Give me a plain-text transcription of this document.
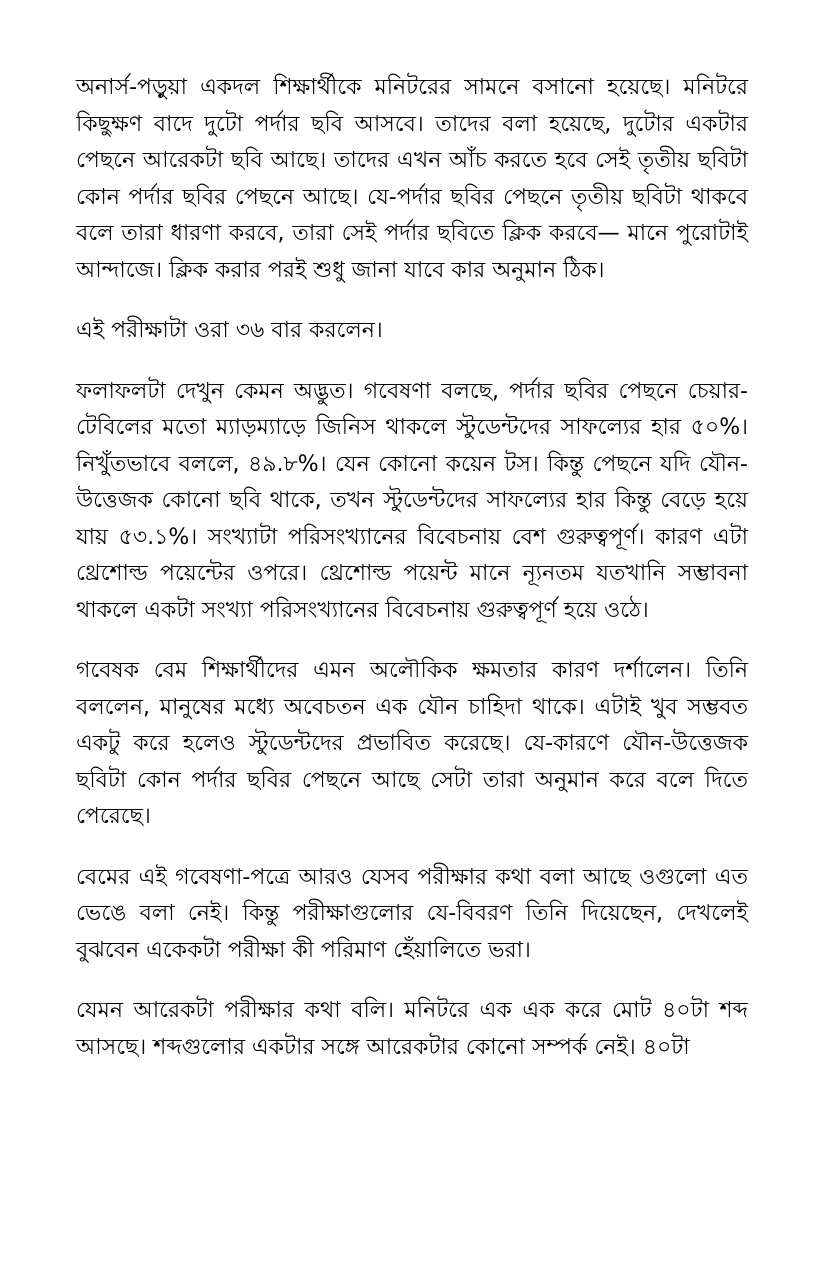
অনার্স-পড়ুয়া একদল শিক্ষার্থীকে মনিটরের সামনে বসানো হয়েছে। মনিটরে কিছুক্ষণ বাদে দুটো পর্দার ছবি আসবে। তাদের বলা হয়েছে, দুটোর একটার পেছনে আরেকটা ছবি আছে। তাদের এখন আঁচ করতে হবে সেই তৃতীয় ছবিটা কোন পর্দার ছবির পেছনে আছে। যে-পর্দার ছবির পেছনে তৃতীয় ছবিটা থাকবে বলে তারা ধারণা করবে, তারা সেই পর্দার ছবিতে ক্লিক করবে— মানে পুরোটাই আন্দাজে। ক্লিক করার পরই শুধু জানা যাবে কার অনুমান ঠিক।

এই পরীক্ষাটা ওরা ৩৬ বার করলেন।

ফলাফলটা দেখুন কেমন অদ্ভুত। গবেষণা বলছে, পর্দার ছবির পেছনে চেয়ার-টেবিলের মতো ম্যাড়ম্যাড়ে জিনিস থাকলে স্টুডেন্টদের সাফল্যের হার ৫০%। নিখুঁতভাবে বললে, ৪৯.৮%। যেন কোনো কয়েন টস। কিন্তু পেছনে যদি যৌন-উত্তেজক কোনো ছবি থাকে, তখন স্টুডেন্টদের সাফল্যের হার কিন্তু বেড়ে হয়ে যায় ৫৩.১%। সংখ্যাটা পরিসংখ্যানের বিবেচনায় বেশ গুরুত্বপূর্ণ। কারণ এটা থ্রেশোল্ড পয়েন্টের ওপরে। থ্রেশোল্ড পয়েন্ট মানে ন্যূনতম যতখানি সম্ভাবনা থাকলে একটা সংখ্যা পরিসংখ্যানের বিবেচনায় গুরুত্বপূর্ণ হয়ে ওঠে।

গবেষক বেম শিক্ষার্থীদের এমন অলৌকিক ক্ষমতার কারণ দর্শালেন। তিনি বললেন, মানুষের মধ্যে অবেচতন এক যৌন চাহিদা থাকে। এটাই খুব সম্ভবত একটু করে হলেও স্টুডেন্টদের প্রভাবিত করেছে। যে-কারণে যৌন-উত্তেজক ছবিটা কোন পর্দার ছবির পেছনে আছে সেটা তারা অনুমান করে বলে দিতে পেরেছে।

বেমের এই গবেষণা-পত্রে আরও যেসব পরীক্ষার কথা বলা আছে ওগুলো এত ভেঙে বলা নেই। কিন্তু পরীক্ষাগুলোর যে-বিবরণ তিনি দিয়েছেন, দেখলেই বুঝবেন একেকটা পরীক্ষা কী পরিমাণ হেঁয়ালিতে ভরা।

যেমন আরেকটা পরীক্ষার কথা বলি। মনিটরে এক এক করে মোট ৪০টা শব্দ আসছে। শব্দগুলোর একটার সঙ্গে আরেকটার কোনো সম্পর্ক নেই। ৪০টা
